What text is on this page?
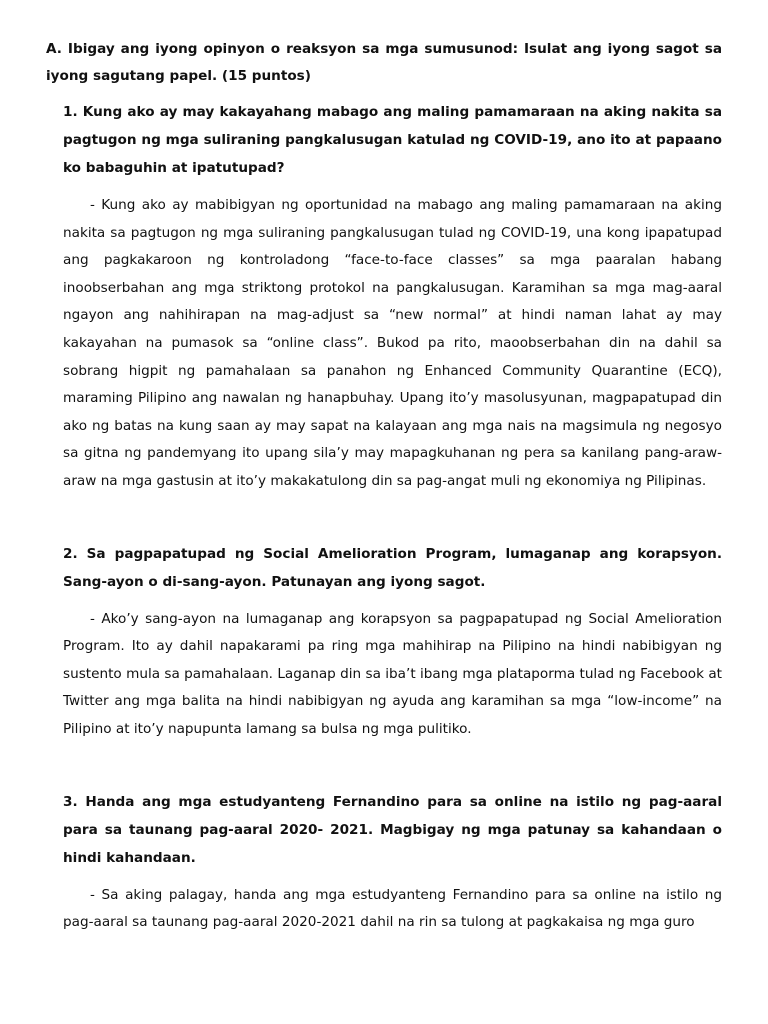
A. Ibigay ang iyong opinyon o reaksyon sa mga sumusunod: Isulat ang iyong sagot sa iyong sagutang papel. (15 puntos)

1. Kung ako ay may kakayahang mabago ang maling pamamaraan na aking nakita sa pagtugon ng mga suliraning pangkalusugan katulad ng COVID-19, ano ito at papaano ko babaguhin at ipatutupad?

- Kung ako ay mabibigyan ng oportunidad na mabago ang maling pamamaraan na aking nakita sa pagtugon ng mga suliraning pangkalusugan tulad ng COVID-19, una kong ipapatupad ang pagkakaroon ng kontroladong “face-to-face classes” sa mga paaralan habang inoobserbahan ang mga striktong protokol na pangkalusugan. Karamihan sa mga mag-aaral ngayon ang nahihirapan na mag-adjust sa “new normal” at hindi naman lahat ay may kakayahan na pumasok sa “online class”. Bukod pa rito, maoobserbahan din na dahil sa sobrang higpit ng pamahalaan sa panahon ng Enhanced Community Quarantine (ECQ), maraming Pilipino ang nawalan ng hanapbuhay. Upang ito’y masolusyunan, magpapatupad din ako ng batas na kung saan ay may sapat na kalayaan ang mga nais na magsimula ng negosyo sa gitna ng pandemyang ito upang sila’y may mapagkuhanan ng pera sa kanilang pang-araw-araw na mga gastusin at ito’y makakatulong din sa pag-angat muli ng ekonomiya ng Pilipinas.

2. Sa pagpapatupad ng Social Amelioration Program, lumaganap ang korapsyon. Sang-ayon o di-sang-ayon. Patunayan ang iyong sagot.

- Ako’y sang-ayon na lumaganap ang korapsyon sa pagpapatupad ng Social Amelioration Program. Ito ay dahil napakarami pa ring mga mahihirap na Pilipino na hindi nabibigyan ng sustento mula sa pamahalaan. Laganap din sa iba’t ibang mga plataporma tulad ng Facebook at Twitter ang mga balita na hindi nabibigyan ng ayuda ang karamihan sa mga “low-income” na Pilipino at ito’y napupunta lamang sa bulsa ng mga pulitiko.

3. Handa ang mga estudyanteng Fernandino para sa online na istilo ng pag-aaral para sa taunang pag-aaral 2020- 2021. Magbigay ng mga patunay sa kahandaan o hindi kahandaan.

- Sa aking palagay, handa ang mga estudyanteng Fernandino para sa online na istilo ng pag-aaral sa taunang pag-aaral 2020-2021 dahil na rin sa tulong at pagkakaisa ng mga guro
